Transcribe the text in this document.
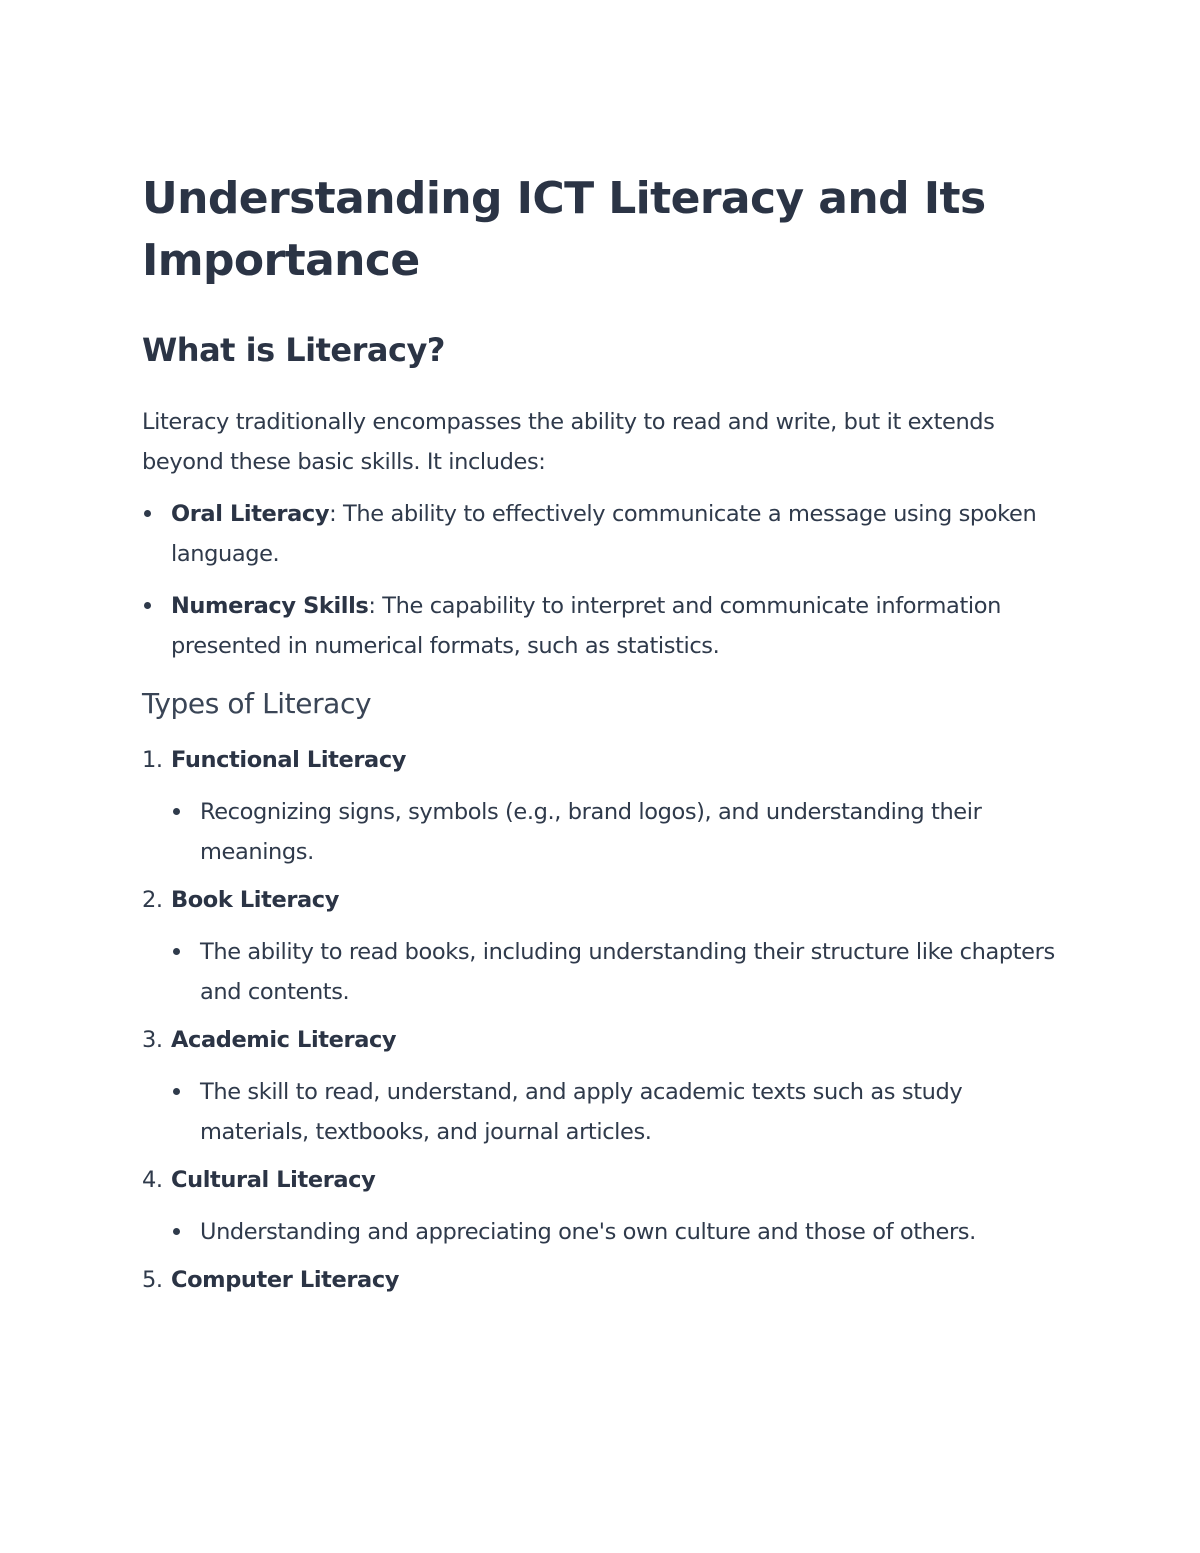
Understanding ICT Literacy and Its Importance
What is Literacy?

Literacy traditionally encompasses the ability to read and write, but it extends beyond these basic skills. It includes:

Oral Literacy: The ability to effectively communicate a message using spoken language.
Numeracy Skills: The capability to interpret and communicate information presented in numerical formats, such as statistics.
Types of Literacy
1. Functional Literacy
Recognizing signs, symbols (e.g., brand logos), and understanding their meanings.
2. Book Literacy
The ability to read books, including understanding their structure like chapters and contents.
3. Academic Literacy
The skill to read, understand, and apply academic texts such as study materials, textbooks, and journal articles.
4. Cultural Literacy
Understanding and appreciating one's own culture and those of others.
5. Computer Literacy
